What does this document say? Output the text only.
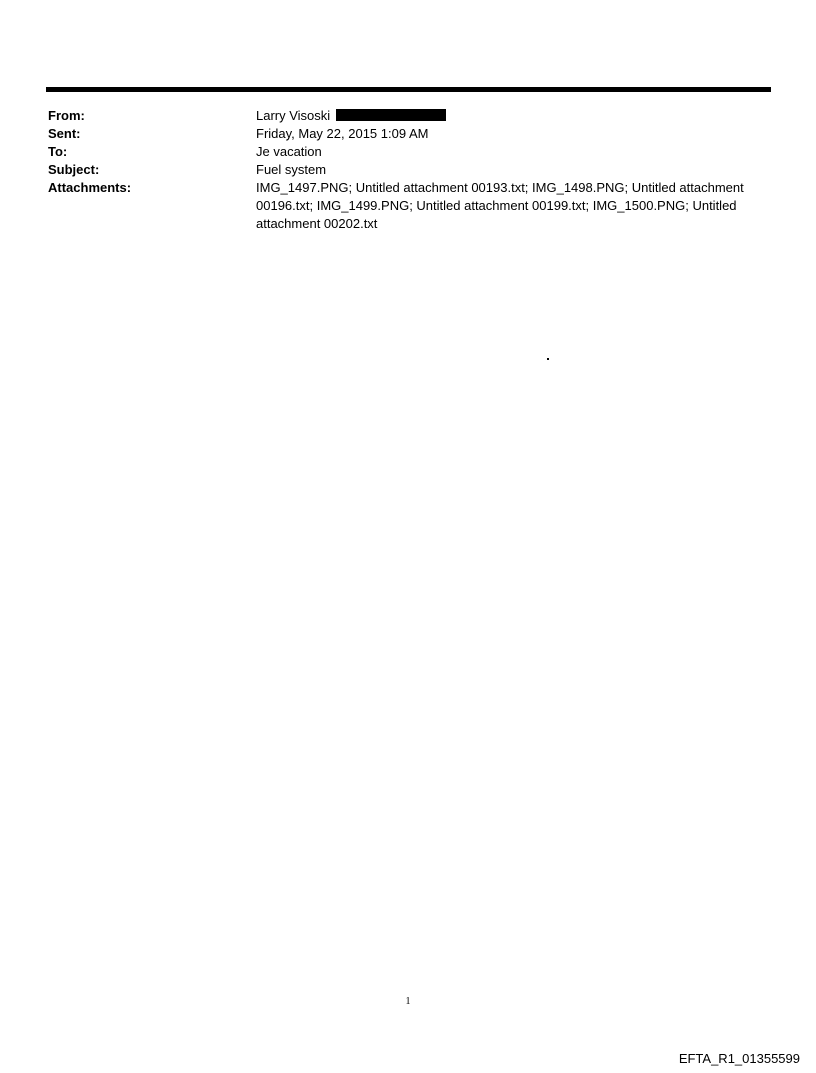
From:	Larry Visoski
Sent:	Friday, May 22, 2015 1:09 AM
To:	Je vacation
Subject:	Fuel system
Attachments:	IMG_1497.PNG; Untitled attachment 00193.txt; IMG_1498.PNG; Untitled attachment 00196.txt; IMG_1499.PNG; Untitled attachment 00199.txt; IMG_1500.PNG; Untitled attachment 00202.txt
1
EFTA_R1_01355599
